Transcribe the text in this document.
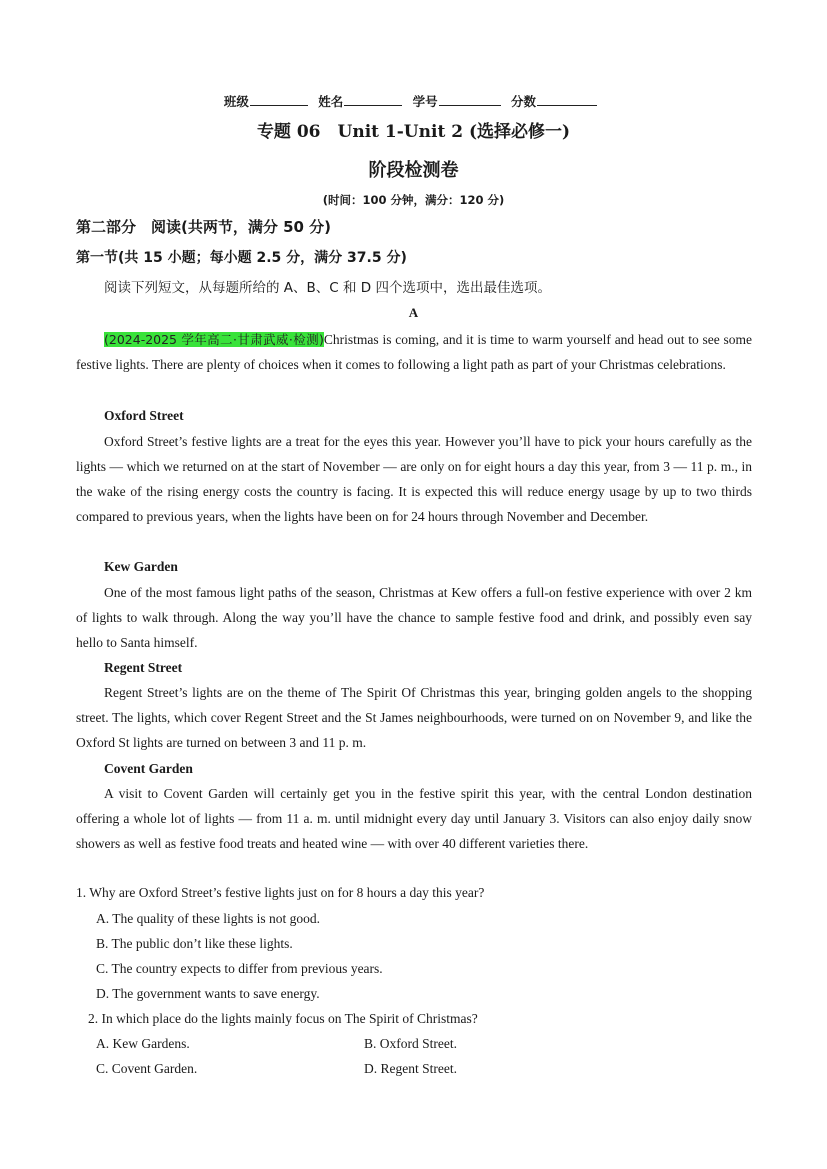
班级	姓名	学号	分数
专题 06　Unit 1-Unit 2 (选择必修一)
阶段检测卷
(时间：100 分钟，满分：120 分)
第二部分　阅读(共两节，满分 50 分)
第一节(共 15 小题；每小题 2.5 分，满分 37.5 分)
阅读下列短文，从每题所给的 A、B、C 和 D 四个选项中，选出最佳选项。
A

(2024-2025 学年高二·甘肃武威·检测)Christmas is coming, and it is time to warm yourself and head out to see some festive lights. There are plenty of choices when it comes to following a light path as part of your Christmas celebrations.

Oxford Street

Oxford Street’s festive lights are a treat for the eyes this year. However you’ll have to pick your hours carefully as the lights — which we returned on at the start of November — are only on for eight hours a day this year, from 3 — 11 p. m., in the wake of the rising energy costs the country is facing. It is expected this will reduce energy usage by up to two thirds compared to previous years, when the lights have been on for 24 hours through November and December.

Kew Garden

One of the most famous light paths of the season, Christmas at Kew offers a full-on festive experience with over 2 km of lights to walk through. Along the way you’ll have the chance to sample festive food and drink, and possibly even say hello to Santa himself.

Regent Street

Regent Street’s lights are on the theme of The Spirit Of Christmas this year, bringing golden angels to the shopping street. The lights, which cover Regent Street and the St James neighbourhoods, were turned on on November 9, and like the Oxford St lights are turned on between 3 and 11 p. m.

Covent Garden

A visit to Covent Garden will certainly get you in the festive spirit this year, with the central London destination offering a whole lot of lights — from 11 a. m. until midnight every day until January 3. Visitors can also enjoy daily snow showers as well as festive food treats and heated wine — with over 40 different varieties there.

1. Why are Oxford Street’s festive lights just on for 8 hours a day this year?
A. The quality of these lights is not good.
B. The public don’t like these lights.
C. The country expects to differ from previous years.
D. The government wants to save energy.
2. In which place do the lights mainly focus on The Spirit of Christmas?
A. Kew Gardens.	B. Oxford Street.
C. Covent Garden.	D. Regent Street.
